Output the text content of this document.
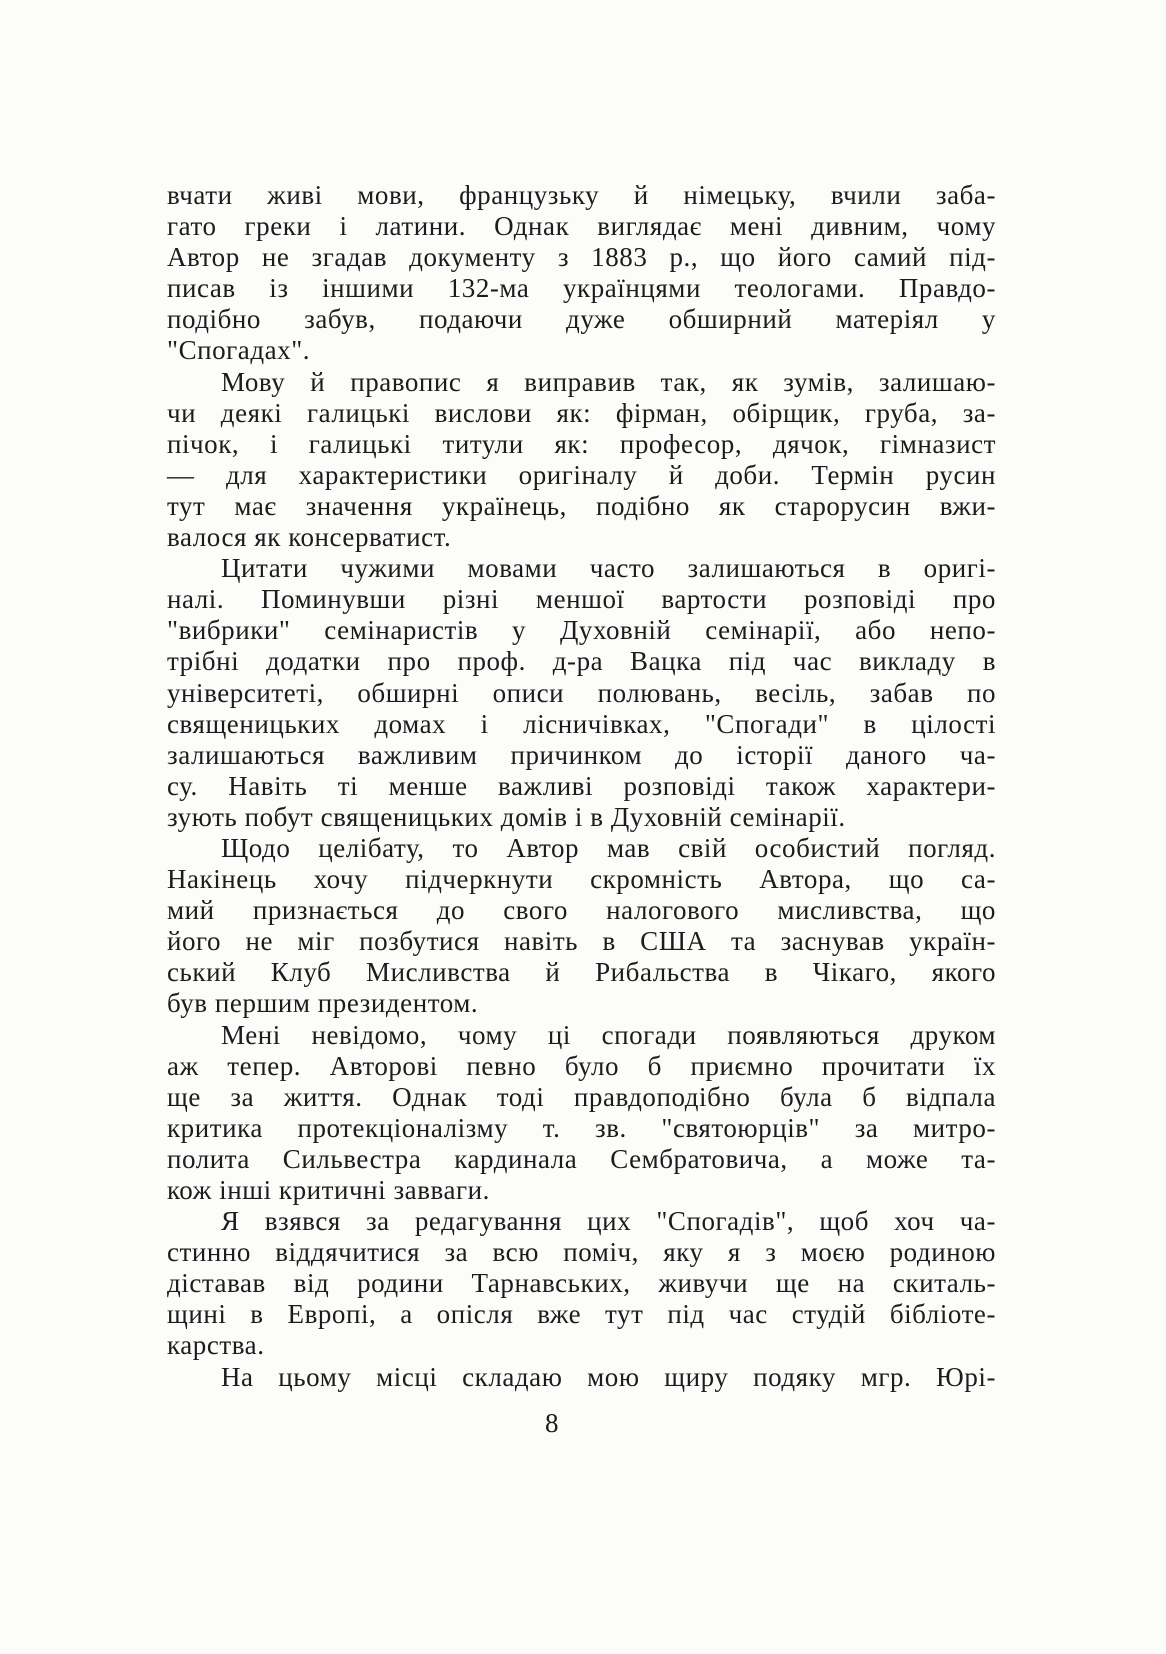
вчати живі мови, французьку й німецьку, вчили заба-
гато греки і латини. Однак виглядає мені дивним, чому
Автор не згадав документу з 1883 р., що його самий під-
писав із іншими 132-ма українцями теологами. Правдо-
подібно забув, подаючи дуже обширний матеріял у
"Спогадах".
Мову й правопис я виправив так, як зумів, залишаю-
чи деякі галицькі вислови як: фірман, обірщик, груба, за-
пічок, і галицькі титули як: професор, дячок, гімназист
— для характеристики оригіналу й доби. Термін русин
тут має значення українець, подібно як старорусин вжи-
валося як консерватист.
Цитати чужими мовами часто залишаються в оригі-
налі. Поминувши різні меншої вартости розповіді про
"вибрики" семінаристів у Духовній семінарії, або непо-
трібні додатки про проф. д-ра Вацка під час викладу в
університеті, обширні описи полювань, весіль, забав по
священицьких домах і лісничівках, "Спогади" в цілості
залишаються важливим причинком до історії даного ча-
су. Навіть ті менше важливі розповіді також характери-
зують побут священицьких домів і в Духовній семінарії.
Щодо целібату, то Автор мав свій особистий погляд.
Накінець хочу підчеркнути скромність Автора, що са-
мий признається до свого налогового мисливства, що
його не міг позбутися навіть в США та заснував україн-
ський Клуб Мисливства й Рибальства в Чікаго, якого
був першим президентом.
Мені невідомо, чому ці спогади появляються друком
аж тепер. Авторові певно було б приємно прочитати їх
ще за життя. Однак тоді правдоподібно була б відпала
критика протекціоналізму т. зв. "святоюрців" за митро-
полита Сильвестра кардинала Сембратовича, а може та-
кож інші критичні завваги.
Я взявся за редагування цих "Спогадів", щоб хоч ча-
стинно віддячитися за всю поміч, яку я з моєю родиною
діставав від родини Тарнавських, живучи ще на скиталь-
щині в Европі, а опісля вже тут під час студій бібліоте-
карства.
На цьому місці складаю мою щиру подяку мгр. Юрі-
8
